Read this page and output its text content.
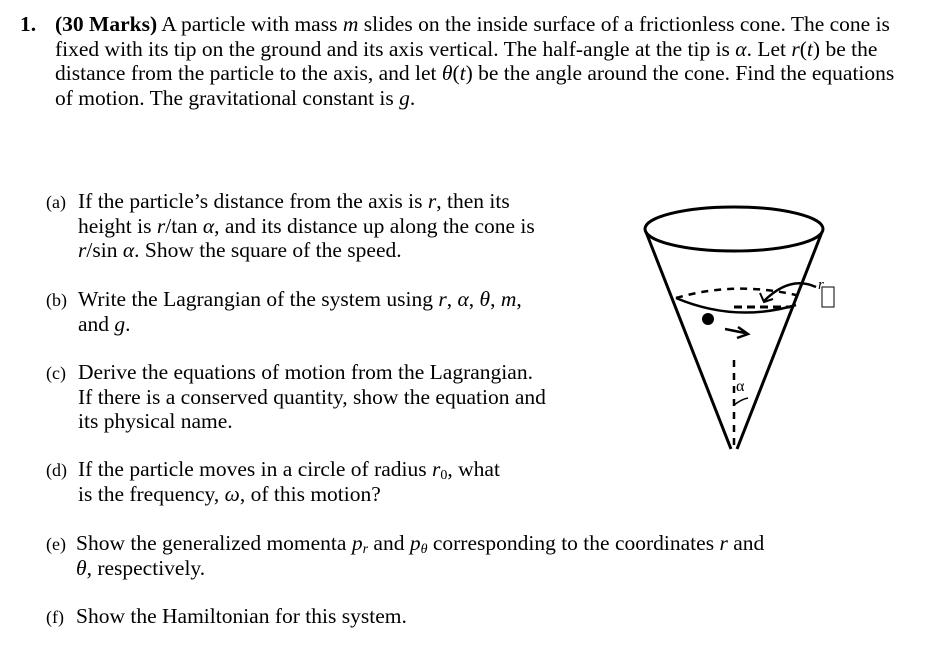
1. (30 Marks) A particle with mass m slides on the inside surface of a frictionless cone. The cone is fixed with its tip on the ground and its axis vertical. The half-angle at the tip is α. Let r(t) be the distance from the particle to the axis, and let θ(t) be the angle around the cone. Find the equations of motion. The gravitational constant is g.
(a) If the particle’s distance from the axis is r, then its
height is r/tan α, and its distance up along the cone is
r/sin α. Show the square of the speed.
(b) Write the Lagrangian of the system using r, α, θ, m,
and g.
(c) Derive the equations of motion from the Lagrangian.
If there is a conserved quantity, show the equation and
its physical name.
(d) If the particle moves in a circle of radius $r_0$, what
is the frequency, ω, of this motion?
(e) Show the generalized momenta $p_r$ and $p_\theta$ corresponding to the coordinates r and
θ, respectively.
(f) Show the Hamiltonian for this system.
r
α
